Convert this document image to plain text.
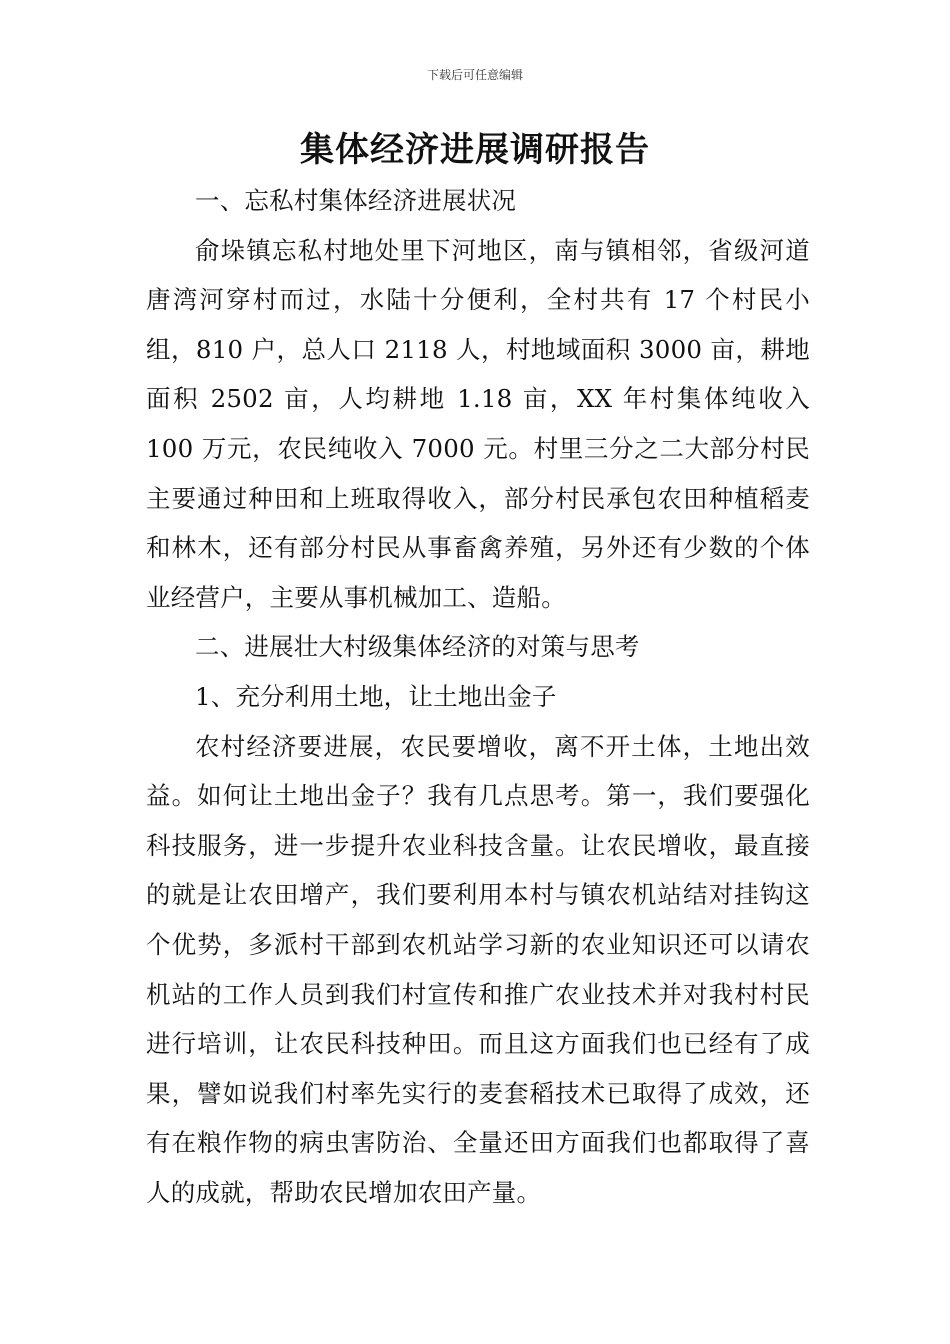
下载后可任意编辑
集体经济进展调研报告

一、忘私村集体经济进展状况

俞垛镇忘私村地处里下河地区，南与镇相邻，省级河道唐湾河穿村而过，水陆十分便利，全村共有 17 个村民小组，810 户，总人口 2118 人，村地域面积 3000 亩，耕地面积 2502 亩，人均耕地 1.18 亩，XX 年村集体纯收入 100 万元，农民纯收入 7000 元。村里三分之二大部分村民主要通过种田和上班取得收入，部分村民承包农田种植稻麦和林木，还有部分村民从事畜禽养殖，另外还有少数的个体业经营户，主要从事机械加工、造船。

二、进展壮大村级集体经济的对策与思考

1、充分利用土地，让土地出金子

农村经济要进展，农民要增收，离不开土体，土地出效益。如何让土地出金子？我有几点思考。第一，我们要强化科技服务，进一步提升农业科技含量。让农民增收，最直接的就是让农田增产，我们要利用本村与镇农机站结对挂钩这个优势，多派村干部到农机站学习新的农业知识还可以请农机站的工作人员到我们村宣传和推广农业技术并对我村村民进行培训，让农民科技种田。而且这方面我们也已经有了成果，譬如说我们村率先实行的麦套稻技术已取得了成效，还有在粮作物的病虫害防治、全量还田方面我们也都取得了喜人的成就，帮助农民增加农田产量。
